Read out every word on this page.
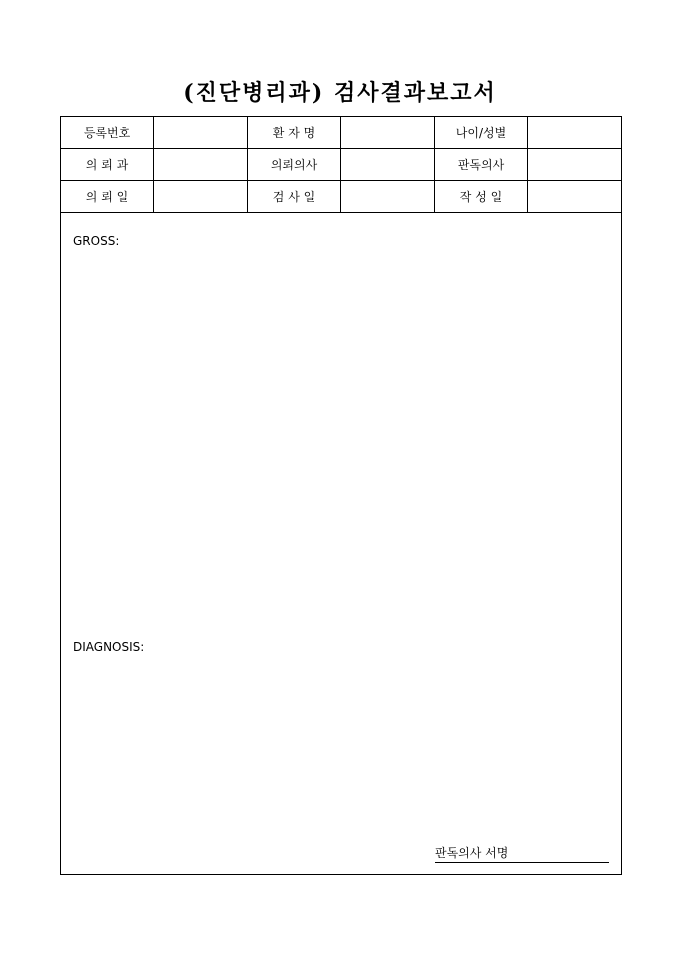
(진단병리과) 검사결과보고서
등록번호		환 자 명		나이/성별	
의 뢰 과		의뢰의사		판독의사	
의 뢰 일		검 사 일		작 성 일	
GROSS:
DIAGNOSIS:
판독의사 서명
